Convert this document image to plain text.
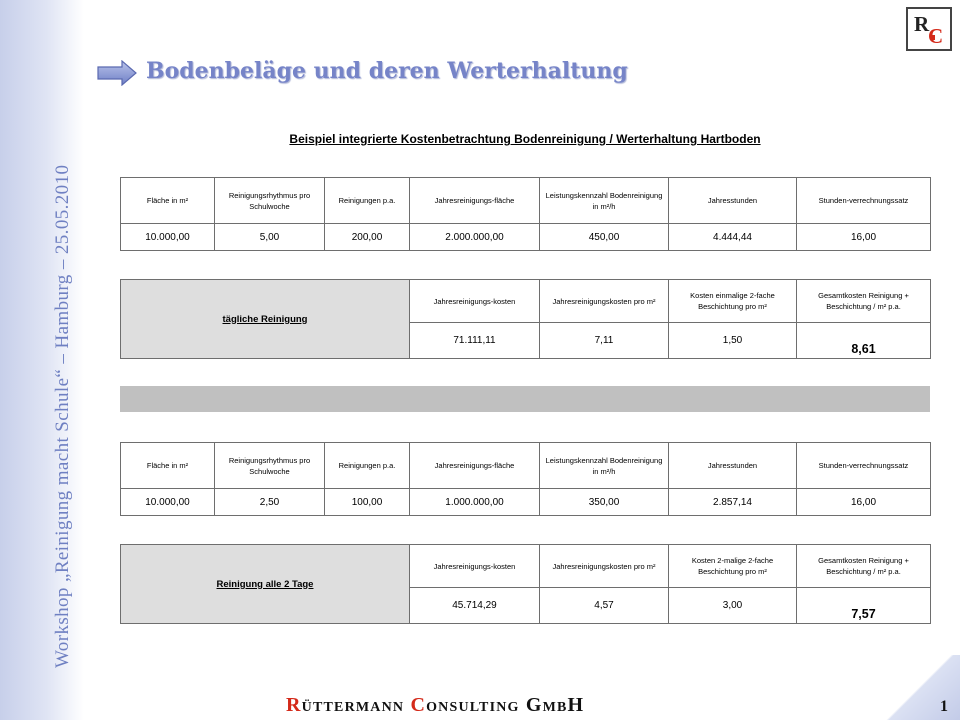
Workshop „Reinigung macht Schule“ – Hamburg – 25.05.2010
R
C
Bodenbeläge und deren Werterhaltung
Beispiel integrierte Kostenbetrachtung Bodenreinigung / Werterhaltung Hartboden
Fläche in m²	Reinigungsrhythmus pro Schulwoche	Reinigungen p.a.	Jahresreinigungs-fläche	Leistungskennzahl Bodenreinigung in m²/h	Jahresstunden	Stunden-verrechnungssatz
10.000,00	5,00	200,00	2.000.000,00	450,00	4.444,44	16,00
tägliche Reinigung	Jahresreinigungs-kosten	Jahresreinigungskosten pro m²	Kosten einmalige 2-fache Beschichtung pro m²	Gesamtkosten Reinigung + Beschichtung / m² p.a.
	71.111,11	7,11	1,50	8,61
Fläche in m²	Reinigungsrhythmus pro Schulwoche	Reinigungen p.a.	Jahresreinigungs-fläche	Leistungskennzahl Bodenreinigung in m²/h	Jahresstunden	Stunden-verrechnungssatz
10.000,00	2,50	100,00	1.000.000,00	350,00	2.857,14	16,00
Reinigung alle 2 Tage	Jahresreinigungs-kosten	Jahresreinigungskosten pro m²	Kosten 2-malige 2-fache Beschichtung pro m²	Gesamtkosten Reinigung + Beschichtung / m² p.a.
	45.714,29	4,57	3,00	7,57
Rüttermann Consulting GmbH	1
